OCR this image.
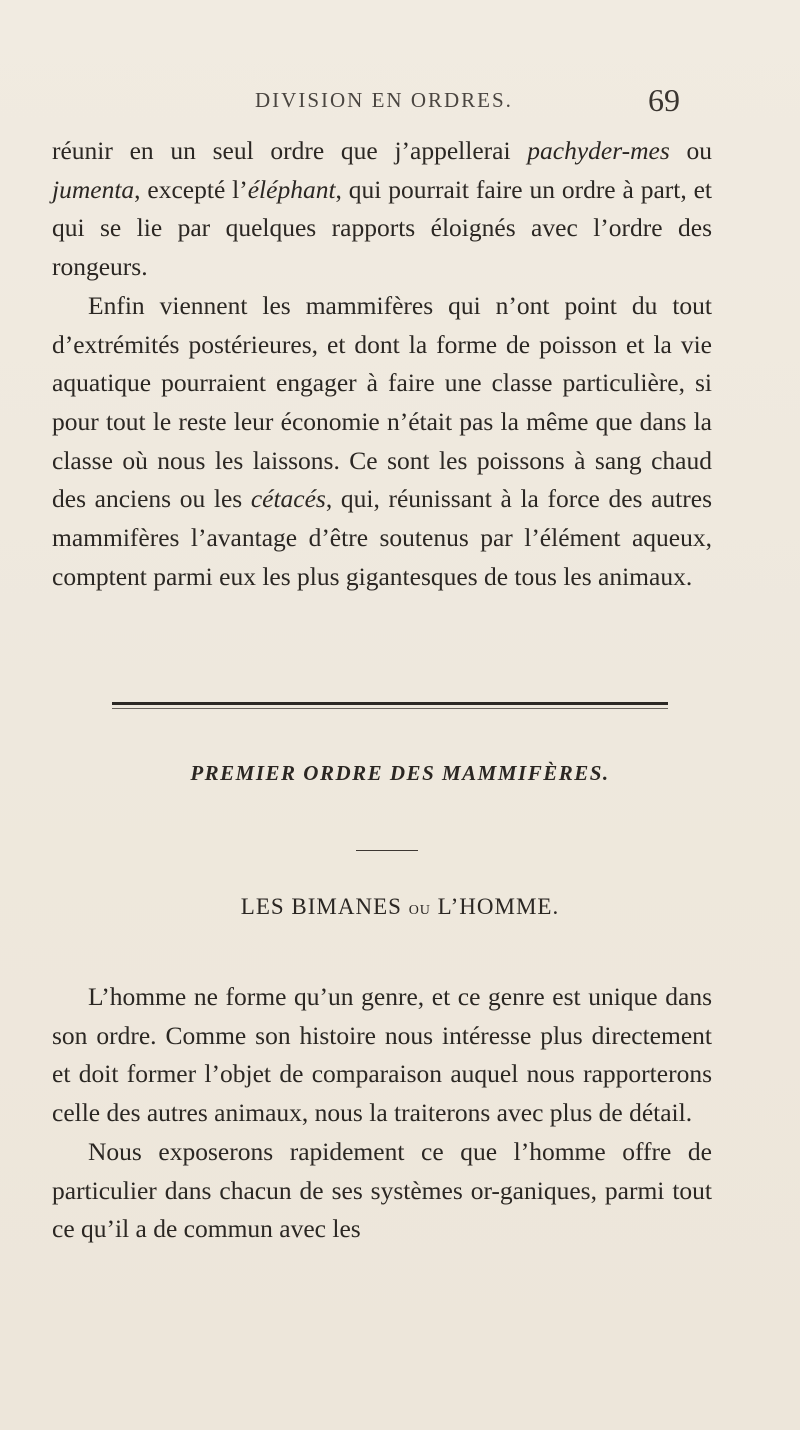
DIVISION EN ORDRES.	69

réunir en un seul ordre que j’appellerai pachyder-mes ou jumenta, excepté l’éléphant, qui pourrait faire un ordre à part, et qui se lie par quelques rapports éloignés avec l’ordre des rongeurs.

Enfin viennent les mammifères qui n’ont point du tout d’extrémités postérieures, et dont la forme de poisson et la vie aquatique pourraient engager à faire une classe particulière, si pour tout le reste leur économie n’était pas la même que dans la classe où nous les laissons. Ce sont les poissons à sang chaud des anciens ou les cétacés, qui, réunissant à la force des autres mammifères l’avantage d’être soutenus par l’élément aqueux, comptent parmi eux les plus gigantesques de tous les animaux.

PREMIER ORDRE DES MAMMIFÈRES.
LES BIMANES ou L’HOMME.

L’homme ne forme qu’un genre, et ce genre est unique dans son ordre. Comme son histoire nous intéresse plus directement et doit former l’objet de comparaison auquel nous rapporterons celle des autres animaux, nous la traiterons avec plus de détail.

Nous exposerons rapidement ce que l’homme offre de particulier dans chacun de ses systèmes or-ganiques, parmi tout ce qu’il a de commun avec les
